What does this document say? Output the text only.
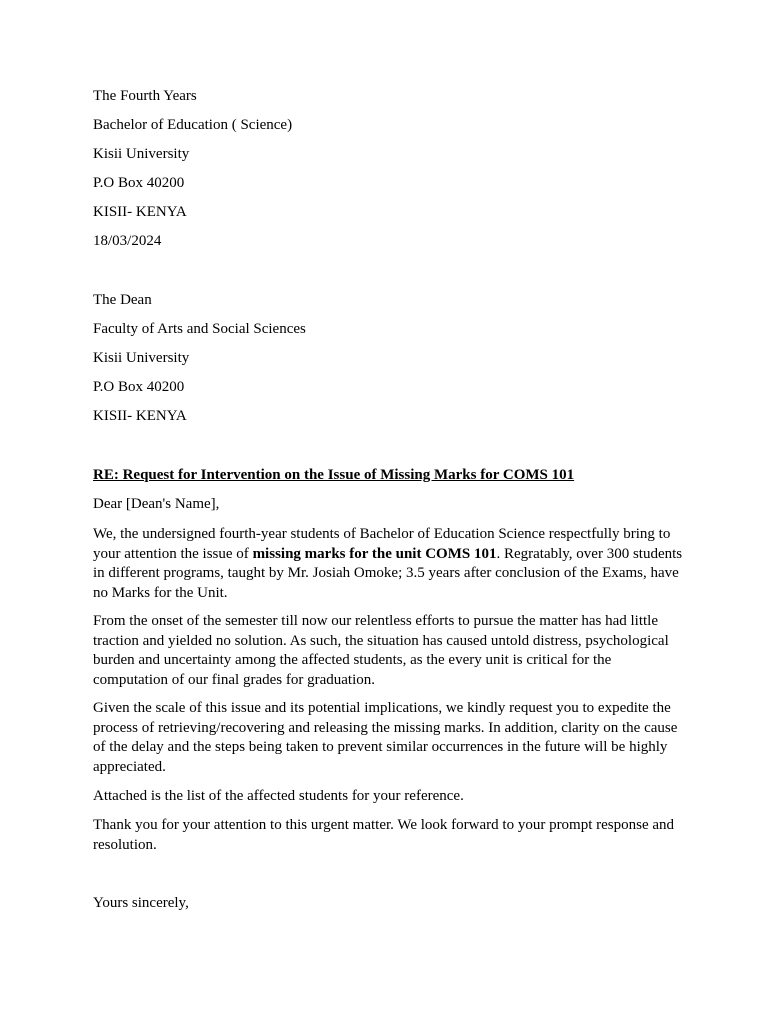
The Fourth Years
Bachelor of Education ( Science)
Kisii University
P.O Box 40200
KISII- KENYA
18/03/2024
The Dean
Faculty of Arts and Social Sciences
Kisii University
P.O Box 40200
KISII- KENYA
RE: Request for Intervention on the Issue of Missing Marks for COMS 101
Dear [Dean's Name],
We, the undersigned fourth-year students of Bachelor of Education Science respectfully bring to your attention the issue of missing marks for the unit COMS 101. Regratably, over 300 students in different programs, taught by Mr. Josiah Omoke; 3.5 years after conclusion of the Exams, have no Marks for the Unit.
From the onset of the semester till now our relentless efforts to pursue the matter has had little traction and yielded no solution. As such, the situation has caused untold distress, psychological burden and uncertainty among the affected students, as the every unit is critical for the computation of our final grades for graduation.
Given the scale of this issue and its potential implications, we kindly request you to expedite the process of retrieving/recovering and releasing the missing marks. In addition, clarity on the cause of the delay and the steps being taken to prevent similar occurrences in the future will be highly appreciated.
Attached is the list of the affected students for your reference.
Thank you for your attention to this urgent matter. We look forward to your prompt response and resolution.
Yours sincerely,
